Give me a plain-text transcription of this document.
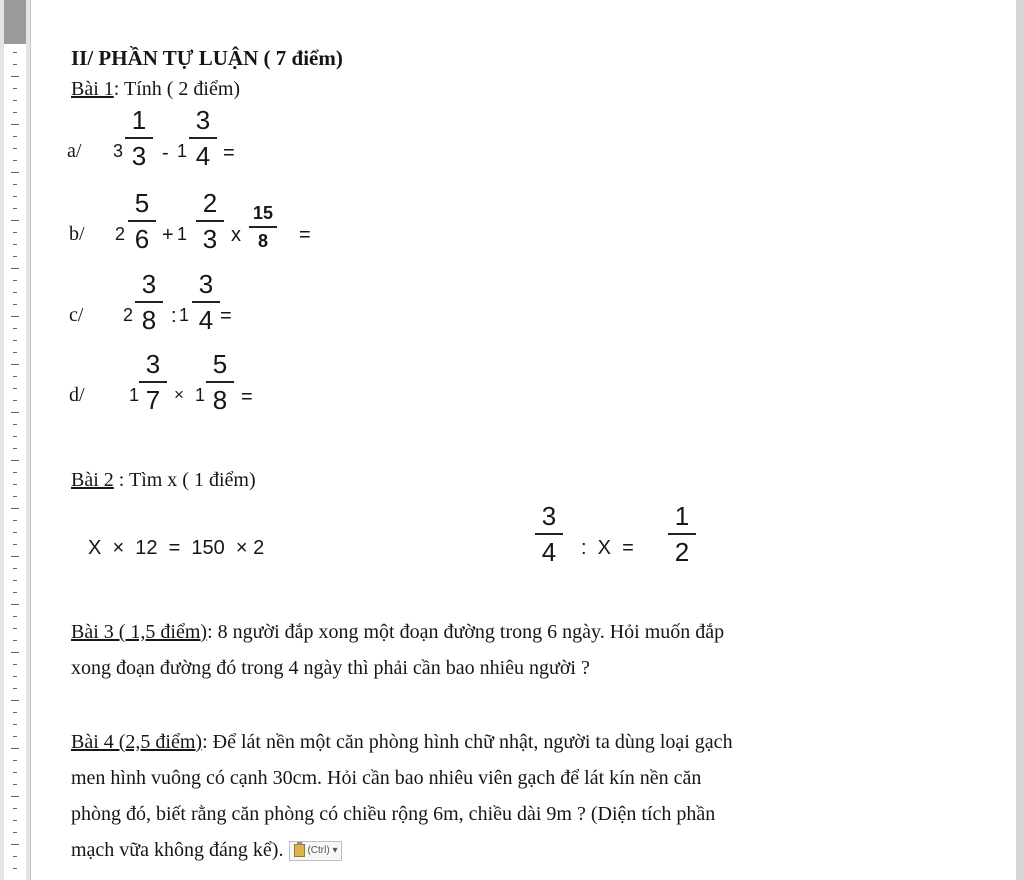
II/ PHẦN TỰ LUẬN ( 7 điểm)
Bài 1: Tính ( 2 điểm)
a/ 3
1
3 - 1
3
4 =
b/ 2
5
6 + 1
2
3 x
15
8	=
c/ 2
3
8 : 1
3
4 =
d/ 1
3
7 × 1
5
8 =
Bài 2 : Tìm x ( 1 điểm)
X  ×  12  =  150  × 2
3
4	:  X  =
1
2
Bài 3 ( 1,5 điểm): 8 người đắp xong một đoạn đường trong 6 ngày. Hỏi muốn đắp
xong đoạn đường đó trong 4 ngày thì phải cần bao nhiêu người ?
Bài 4 (2,5 điểm): Để lát nền một căn phòng hình chữ nhật, người ta dùng loại gạch
men hình vuông có cạnh 30cm. Hỏi cần bao nhiêu viên gạch để lát kín nền căn
phòng đó, biết rằng căn phòng có chiều rộng 6m, chiều dài 9m ? (Diện tích phần
mạch vữa không đáng kể). (Ctrl) ▾
